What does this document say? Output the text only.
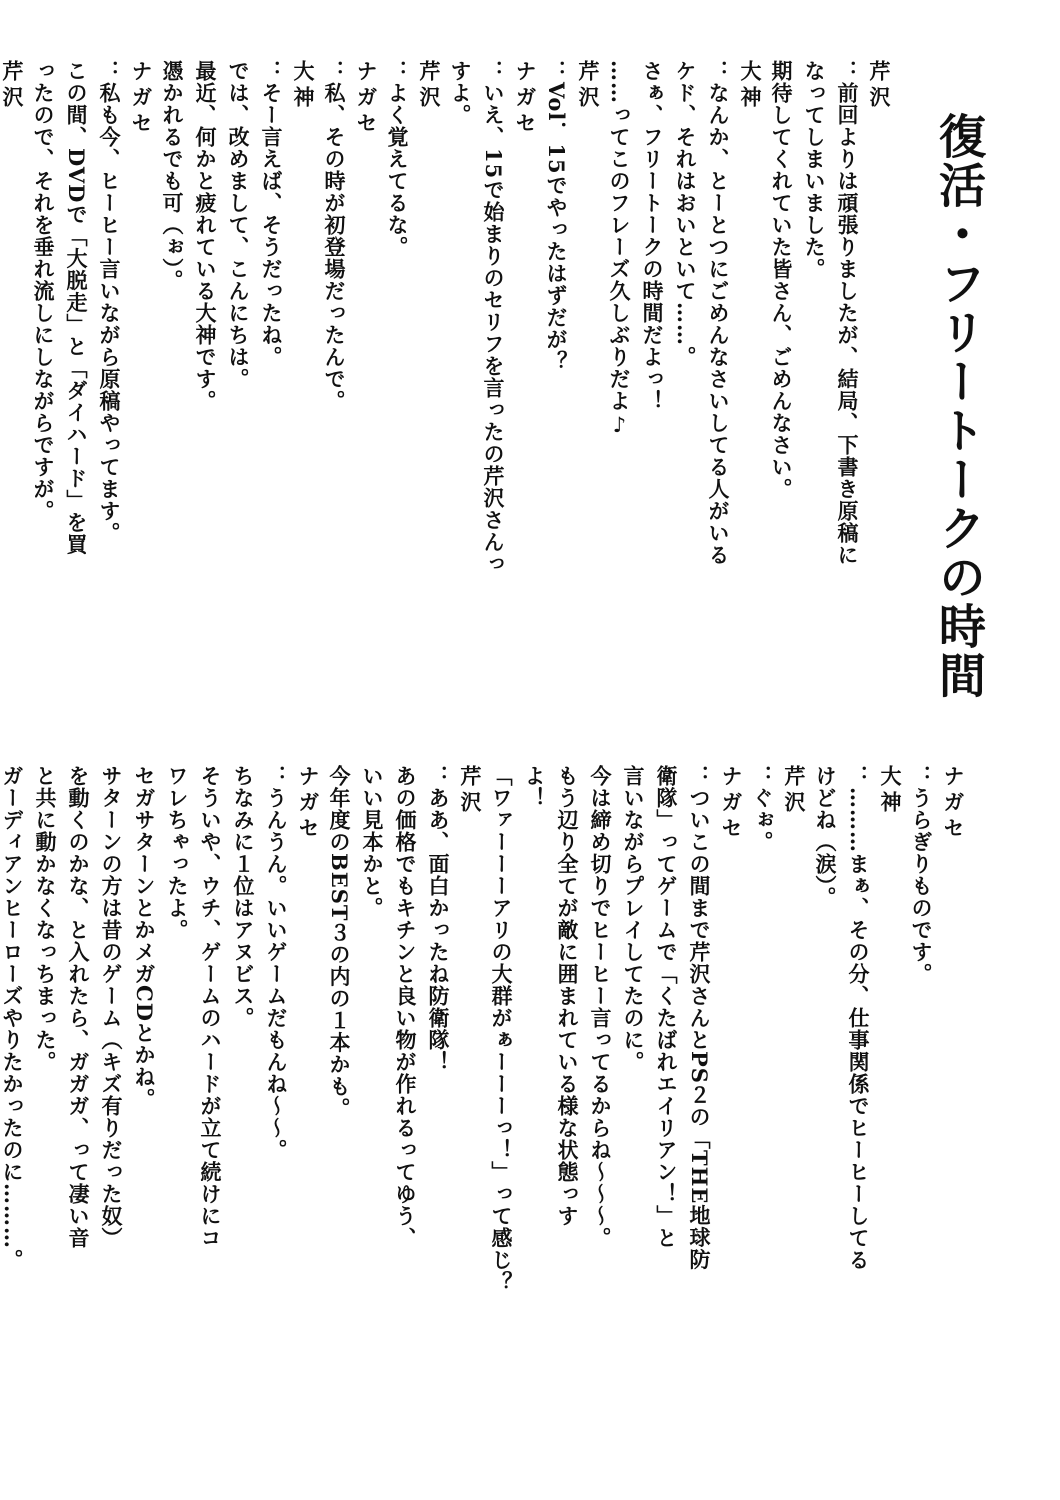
復活・フリートークの時間
芹沢
：前回よりは頑張りましたが、結局、下書き原稿に
なってしまいました。
期待してくれていた皆さん、ごめんなさい。
大神
：なんか、とーとつにごめんなさいしてる人がいる
ケド、それはおいといて……。
さぁ、フリートークの時間だよっ！
……ってこのフレーズ久しぶりだよ♪
芹沢
：Vol．15でやったはずだが？
ナガセ
：いえ、15で始まりのセリフを言ったの芹沢さんっ
すよ。
芹沢
：よく覚えてるな。
ナガセ
：私、その時が初登場だったんで。
大神
：そー言えば、そうだったね。
では、改めまして、こんにちは。
最近、何かと疲れている大神です。
憑かれるでも可（ぉ）。
ナガセ
：私も今、ヒーヒー言いながら原稿やってます。
この間、DVDで「大脱走」と「ダイハード」を買
ったので、それを垂れ流しにしながらですが。
芹沢
ナガセ
：うらぎりものです。
大神
：………まぁ、その分、仕事関係でヒーヒーしてる
けどね（涙）。
芹沢
：ぐぉ。
ナガセ
：ついこの間まで芹沢さんとPS２の「THE地球防
衛隊」ってゲームで「くたばれエイリアン！」と
言いながらプレイしてたのに。
今は締め切りでヒーヒー言ってるからね〜〜〜。
もう辺り全てが敵に囲まれている様な状態っす
よ！
「ワァーーーアリの大群がぁーーーっ！」って感じ？
芹沢
：ああ、面白かったね防衛隊！
あの価格でもキチンと良い物が作れるってゆう、
いい見本かと。
今年度のBEST３の内の１本かも。
ナガセ
：うんうん。いいゲームだもんね〜〜。
ちなみに１位はアヌビス。
そういや、ウチ、ゲームのハードが立て続けにコ
ワレちゃったよ。
セガサターンとかメガCDとかね。
サターンの方は昔のゲーム（キズ有りだった奴）
を動くのかな、と入れたら、ガガガ、って凄い音
と共に動かなくなっちまった。
ガーディアンヒーローズやりたかったのに………。
